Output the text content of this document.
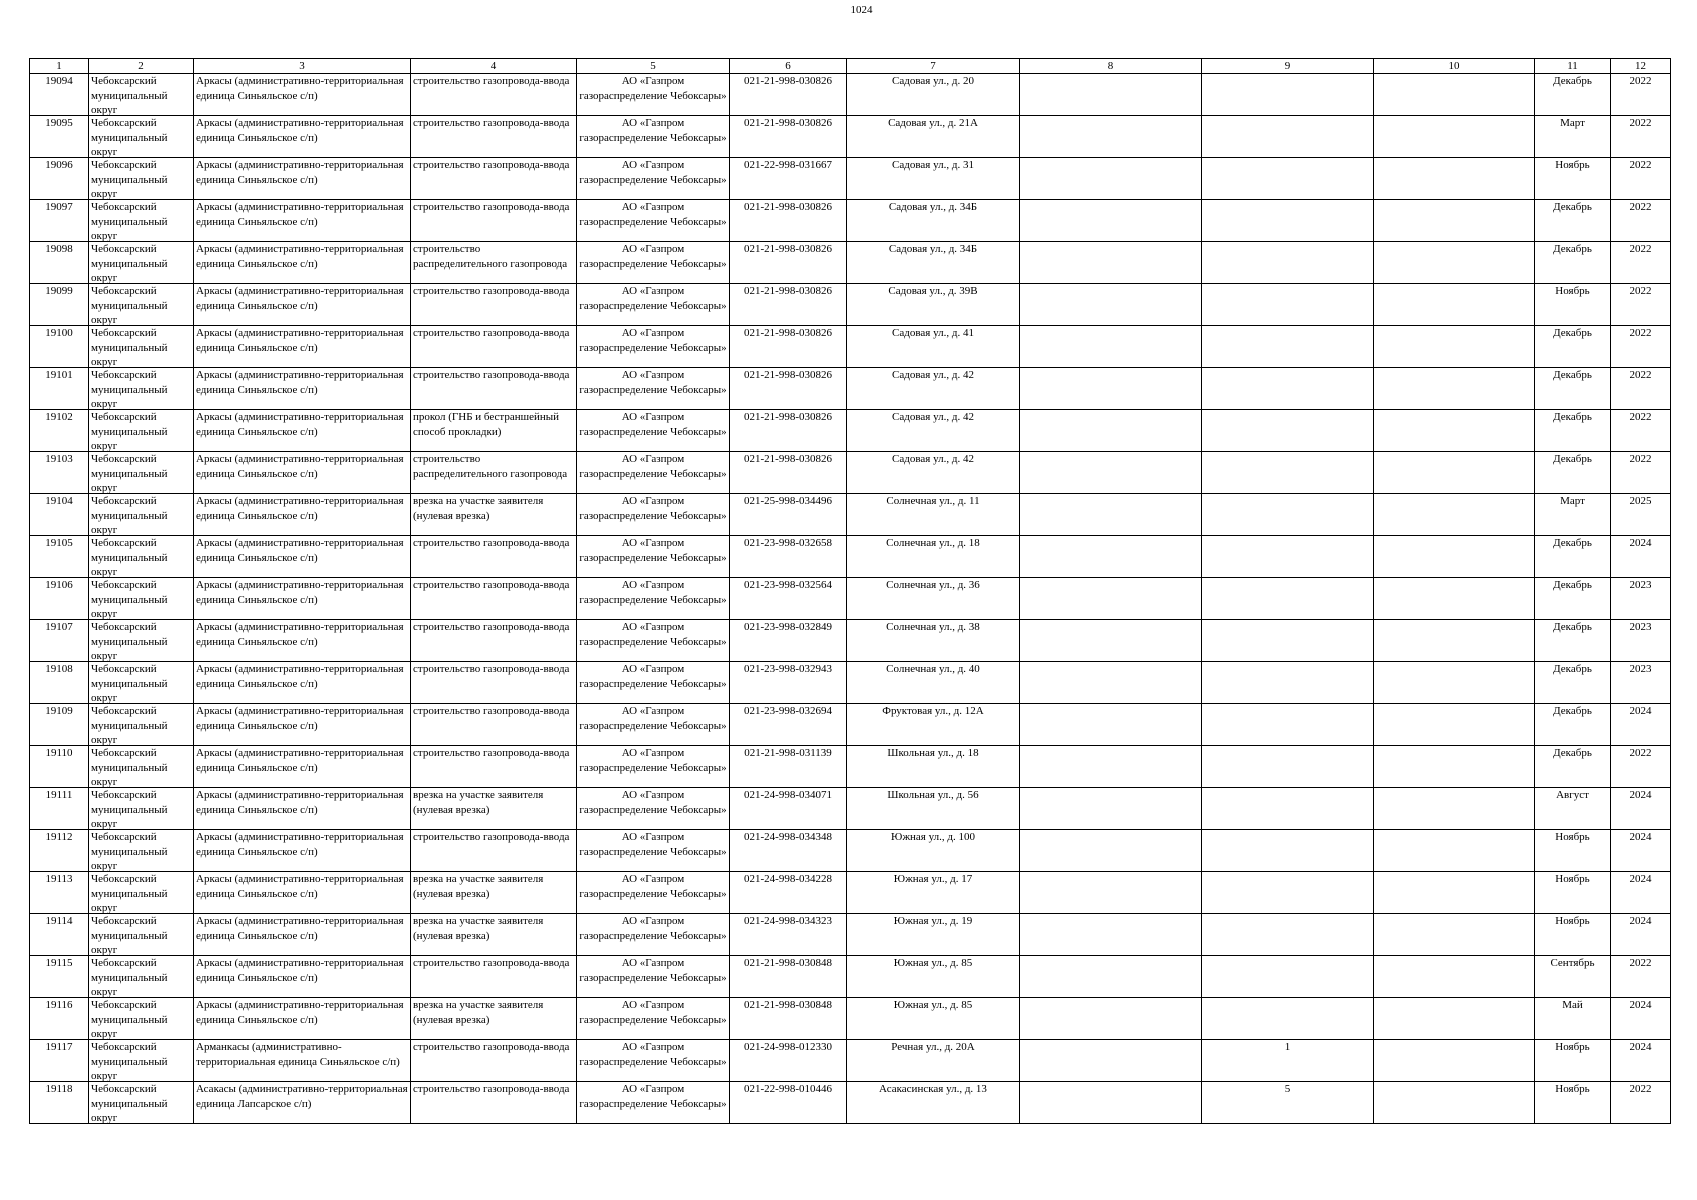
1024
1	2	3	4	5	6	7	8	9	10	11	12

19094	Чебоксарский муниципальный округ	Аркасы (административно-территориальная единица Синьяльское с/п)	строительство газопровода-ввода	АО «Газпром газораспределение Чебоксары»	021-21-998-030826	Садовая ул., д. 20				Декабрь	2022

19095	Чебоксарский муниципальный округ	Аркасы (административно-территориальная единица Синьяльское с/п)	строительство газопровода-ввода	АО «Газпром газораспределение Чебоксары»	021-21-998-030826	Садовая ул., д. 21А				Март	2022

19096	Чебоксарский муниципальный округ	Аркасы (административно-территориальная единица Синьяльское с/п)	строительство газопровода-ввода	АО «Газпром газораспределение Чебоксары»	021-22-998-031667	Садовая ул., д. 31				Ноябрь	2022

19097	Чебоксарский муниципальный округ	Аркасы (административно-территориальная единица Синьяльское с/п)	строительство газопровода-ввода	АО «Газпром газораспределение Чебоксары»	021-21-998-030826	Садовая ул., д. 34Б				Декабрь	2022

19098	Чебоксарский муниципальный округ	Аркасы (административно-территориальная единица Синьяльское с/п)	строительство распределительного газопровода	АО «Газпром газораспределение Чебоксары»	021-21-998-030826	Садовая ул., д. 34Б				Декабрь	2022

19099	Чебоксарский муниципальный округ	Аркасы (административно-территориальная единица Синьяльское с/п)	строительство газопровода-ввода	АО «Газпром газораспределение Чебоксары»	021-21-998-030826	Садовая ул., д. 39В				Ноябрь	2022

19100	Чебоксарский муниципальный округ	Аркасы (административно-территориальная единица Синьяльское с/п)	строительство газопровода-ввода	АО «Газпром газораспределение Чебоксары»	021-21-998-030826	Садовая ул., д. 41				Декабрь	2022

19101	Чебоксарский муниципальный округ	Аркасы (административно-территориальная единица Синьяльское с/п)	строительство газопровода-ввода	АО «Газпром газораспределение Чебоксары»	021-21-998-030826	Садовая ул., д. 42				Декабрь	2022

19102	Чебоксарский муниципальный округ	Аркасы (административно-территориальная единица Синьяльское с/п)	прокол (ГНБ и бестраншейный способ прокладки)	АО «Газпром газораспределение Чебоксары»	021-21-998-030826	Садовая ул., д. 42				Декабрь	2022

19103	Чебоксарский муниципальный округ	Аркасы (административно-территориальная единица Синьяльское с/п)	строительство распределительного газопровода	АО «Газпром газораспределение Чебоксары»	021-21-998-030826	Садовая ул., д. 42				Декабрь	2022

19104	Чебоксарский муниципальный округ	Аркасы (административно-территориальная единица Синьяльское с/п)	врезка на участке заявителя (нулевая врезка)	АО «Газпром газораспределение Чебоксары»	021-25-998-034496	Солнечная ул., д. 11				Март	2025

19105	Чебоксарский муниципальный округ	Аркасы (административно-территориальная единица Синьяльское с/п)	строительство газопровода-ввода	АО «Газпром газораспределение Чебоксары»	021-23-998-032658	Солнечная ул., д. 18				Декабрь	2024

19106	Чебоксарский муниципальный округ	Аркасы (административно-территориальная единица Синьяльское с/п)	строительство газопровода-ввода	АО «Газпром газораспределение Чебоксары»	021-23-998-032564	Солнечная ул., д. 36				Декабрь	2023

19107	Чебоксарский муниципальный округ	Аркасы (административно-территориальная единица Синьяльское с/п)	строительство газопровода-ввода	АО «Газпром газораспределение Чебоксары»	021-23-998-032849	Солнечная ул., д. 38				Декабрь	2023

19108	Чебоксарский муниципальный округ	Аркасы (административно-территориальная единица Синьяльское с/п)	строительство газопровода-ввода	АО «Газпром газораспределение Чебоксары»	021-23-998-032943	Солнечная ул., д. 40				Декабрь	2023

19109	Чебоксарский муниципальный округ	Аркасы (административно-территориальная единица Синьяльское с/п)	строительство газопровода-ввода	АО «Газпром газораспределение Чебоксары»	021-23-998-032694	Фруктовая ул., д. 12А				Декабрь	2024

19110	Чебоксарский муниципальный округ	Аркасы (административно-территориальная единица Синьяльское с/п)	строительство газопровода-ввода	АО «Газпром газораспределение Чебоксары»	021-21-998-031139	Школьная ул., д. 18				Декабрь	2022

19111	Чебоксарский муниципальный округ	Аркасы (административно-территориальная единица Синьяльское с/п)	врезка на участке заявителя (нулевая врезка)	АО «Газпром газораспределение Чебоксары»	021-24-998-034071	Школьная ул., д. 56				Август	2024

19112	Чебоксарский муниципальный округ	Аркасы (административно-территориальная единица Синьяльское с/п)	строительство газопровода-ввода	АО «Газпром газораспределение Чебоксары»	021-24-998-034348	Южная ул., д. 100				Ноябрь	2024

19113	Чебоксарский муниципальный округ	Аркасы (административно-территориальная единица Синьяльское с/п)	врезка на участке заявителя (нулевая врезка)	АО «Газпром газораспределение Чебоксары»	021-24-998-034228	Южная ул., д. 17				Ноябрь	2024

19114	Чебоксарский муниципальный округ	Аркасы (административно-территориальная единица Синьяльское с/п)	врезка на участке заявителя (нулевая врезка)	АО «Газпром газораспределение Чебоксары»	021-24-998-034323	Южная ул., д. 19				Ноябрь	2024

19115	Чебоксарский муниципальный округ	Аркасы (административно-территориальная единица Синьяльское с/п)	строительство газопровода-ввода	АО «Газпром газораспределение Чебоксары»	021-21-998-030848	Южная ул., д. 85				Сентябрь	2022

19116	Чебоксарский муниципальный округ	Аркасы (административно-территориальная единица Синьяльское с/п)	врезка на участке заявителя (нулевая врезка)	АО «Газпром газораспределение Чебоксары»	021-21-998-030848	Южная ул., д. 85				Май	2024

19117	Чебоксарский муниципальный округ	Арманкасы (административно-территориальная единица Синьяльское с/п)	строительство газопровода-ввода	АО «Газпром газораспределение Чебоксары»	021-24-998-012330	Речная ул., д. 20А		1		Ноябрь	2024

19118	Чебоксарский муниципальный округ	Асакасы (административно-территориальная единица Лапсарское с/п)	строительство газопровода-ввода	АО «Газпром газораспределение Чебоксары»	021-22-998-010446	Асакасинская ул., д. 13		5		Ноябрь	2022
